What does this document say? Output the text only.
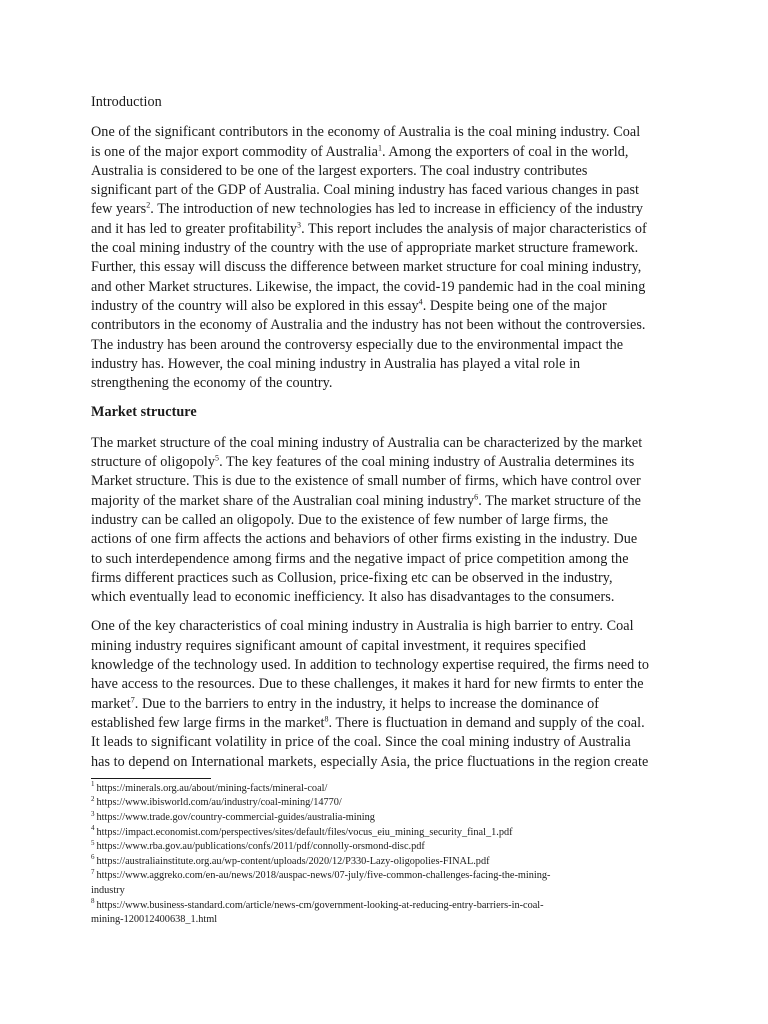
Introduction
One of the significant contributors in the economy of Australia is the coal mining industry. Coal
is one of the major export commodity of Australia$^1$. Among the exporters of coal in the world,
Australia is considered to be one of the largest exporters. The coal industry contributes
significant part of the GDP of Australia. Coal mining industry has faced various changes in past
few years$^2$. The introduction of new technologies has led to increase in efficiency of the industry
and it has led to greater profitability$^3$. This report includes the analysis of major characteristics of
the coal mining industry of the country with the use of appropriate market structure framework.
Further, this essay will discuss the difference between market structure for coal mining industry,
and other Market structures. Likewise, the impact, the covid-19 pandemic had in the coal mining
industry of the country will also be explored in this essay$^4$. Despite being one of the major
contributors in the economy of Australia and the industry has not been without the controversies.
The industry has been around the controversy especially due to the environmental impact the
industry has. However, the coal mining industry in Australia has played a vital role in
strengthening the economy of the country.
Market structure
The market structure of the coal mining industry of Australia can be characterized by the market
structure of oligopoly$^5$. The key features of the coal mining industry of Australia determines its
Market structure. This is due to the existence of small number of firms, which have control over
majority of the market share of the Australian coal mining industry$^6$. The market structure of the
industry can be called an oligopoly. Due to the existence of few number of large firms, the
actions of one firm affects the actions and behaviors of other firms existing in the industry. Due
to such interdependence among firms and the negative impact of price competition among the
firms different practices such as Collusion, price-fixing etc can be observed in the industry,
which eventually lead to economic inefficiency. It also has disadvantages to the consumers.
One of the key characteristics of coal mining industry in Australia is high barrier to entry. Coal
mining industry requires significant amount of capital investment, it requires specified
knowledge of the technology used. In addition to technology expertise required, the firms need to
have access to the resources. Due to these challenges, it makes it hard for new firmts to enter the
market$^7$. Due to the barriers to entry in the industry, it helps to increase the dominance of
established few large firms in the market$^8$. There is fluctuation in demand and supply of the coal.
It leads to significant volatility in price of the coal. Since the coal mining industry of Australia
has to depend on International markets, especially Asia, the price fluctuations in the region create
$^1$ https://minerals.org.au/about/mining-facts/mineral-coal/
$^2$ https://www.ibisworld.com/au/industry/coal-mining/14770/
$^3$ https://www.trade.gov/country-commercial-guides/australia-mining
$^4$ https://impact.economist.com/perspectives/sites/default/files/vocus_eiu_mining_security_final_1.pdf
$^5$ https://www.rba.gov.au/publications/confs/2011/pdf/connolly-orsmond-disc.pdf
$^6$ https://australiainstitute.org.au/wp-content/uploads/2020/12/P330-Lazy-oligopolies-FINAL.pdf
$^7$ https://www.aggreko.com/en-au/news/2018/auspac-news/07-july/five-common-challenges-facing-the-mining-
industry
$^8$ https://www.business-standard.com/article/news-cm/government-looking-at-reducing-entry-barriers-in-coal-
mining-120012400638_1.html
